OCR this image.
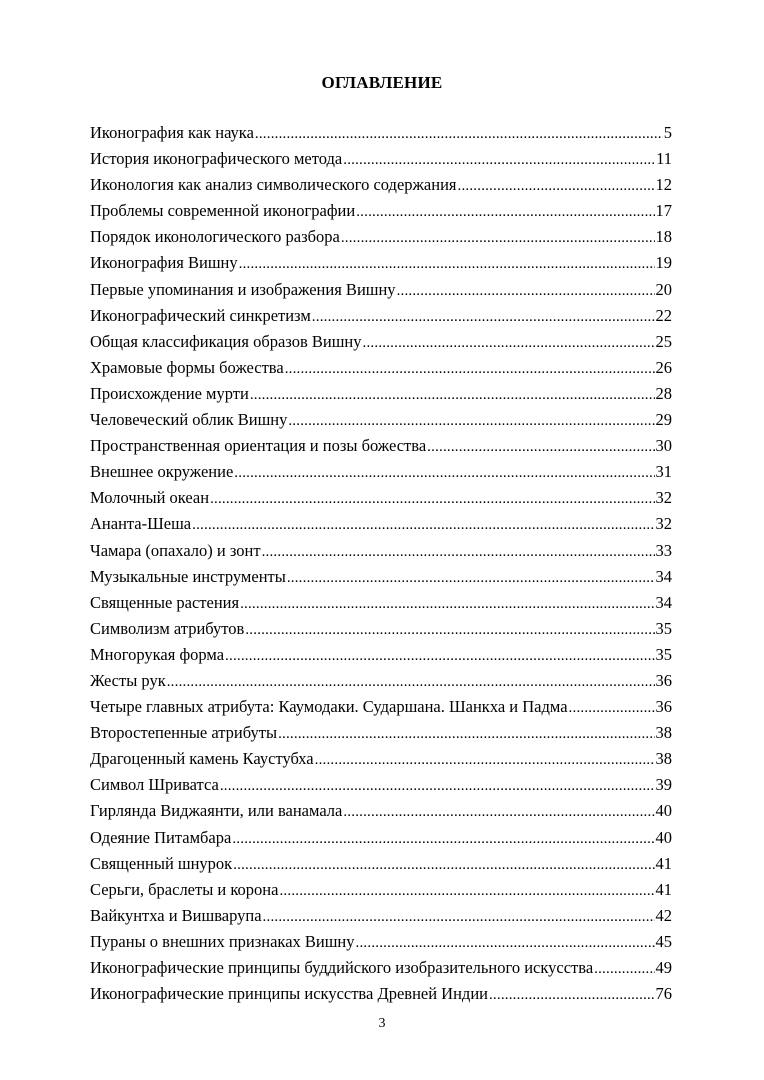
ОГЛАВЛЕНИЕ
Иконография как наука .....	5
История иконографического метода .....	11
Иконология как анализ символического содержания .....	12
Проблемы современной иконографии .....	17
Порядок иконологического разбора .....	18
Иконография Вишну .....	19
Первые упоминания и изображения Вишну .....	20
Иконографический синкретизм .....	22
Общая классификация образов Вишну .....	25
Храмовые формы божества .....	26
Происхождение мурти .....	28
Человеческий облик Вишну .....	29
Пространственная ориентация и позы божества .....	30
Внешнее окружение .....	31
Молочный океан .....	32
Ананта-Шеша .....	32
Чамара (опахало) и зонт .....	33
Музыкальные инструменты .....	34
Священные растения .....	34
Символизм атрибутов .....	35
Многорукая форма .....	35
Жесты рук .....	36
Четыре главных атрибута: Каумодаки. Сударшана. Шанкха и Падма .....	36
Второстепенные атрибуты .....	38
Драгоценный камень Каустубха .....	38
Символ Шриватса .....	39
Гирлянда Виджаянти, или ванамала .....	40
Одеяние Питамбара .....	40
Священный шнурок .....	41
Серьги, браслеты и корона .....	41
Вайкунтха и Вишварупа .....	42
Пураны о внешних признаках Вишну .....	45
Иконографические принципы буддийского изобразительного искусства .....	49
Иконографические принципы искусства Древней Индии .....	76
3
